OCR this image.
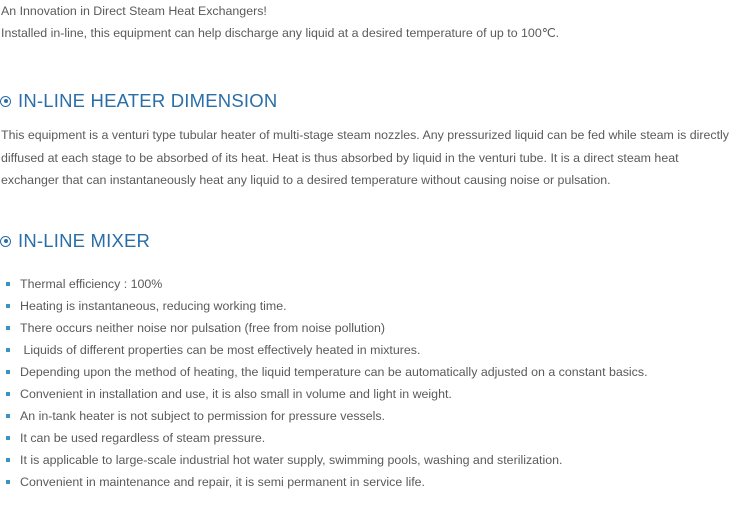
An Innovation in Direct Steam Heat Exchangers!
Installed in-line, this equipment can help discharge any liquid at a desired temperature of up to 100℃.
IN-LINE HEATER DIMENSION
This equipment is a venturi type tubular heater of multi-stage steam nozzles. Any pressurized liquid can be fed while steam is directly diffused at each stage to be absorbed of its heat. Heat is thus absorbed by liquid in the venturi tube. It is a direct steam heat exchanger that can instantaneously heat any liquid to a desired temperature without causing noise or pulsation.
IN-LINE MIXER
Thermal efficiency : 100%
Heating is instantaneous, reducing working time.
There occurs neither noise nor pulsation (free from noise pollution)
Liquids of different properties can be most effectively heated in mixtures.
Depending upon the method of heating, the liquid temperature can be automatically adjusted on a constant basics.
Convenient in installation and use, it is also small in volume and light in weight.
An in-tank heater is not subject to permission for pressure vessels.
It can be used regardless of steam pressure.
It is applicable to large-scale industrial hot water supply, swimming pools, washing and sterilization.
Convenient in maintenance and repair, it is semi permanent in service life.
